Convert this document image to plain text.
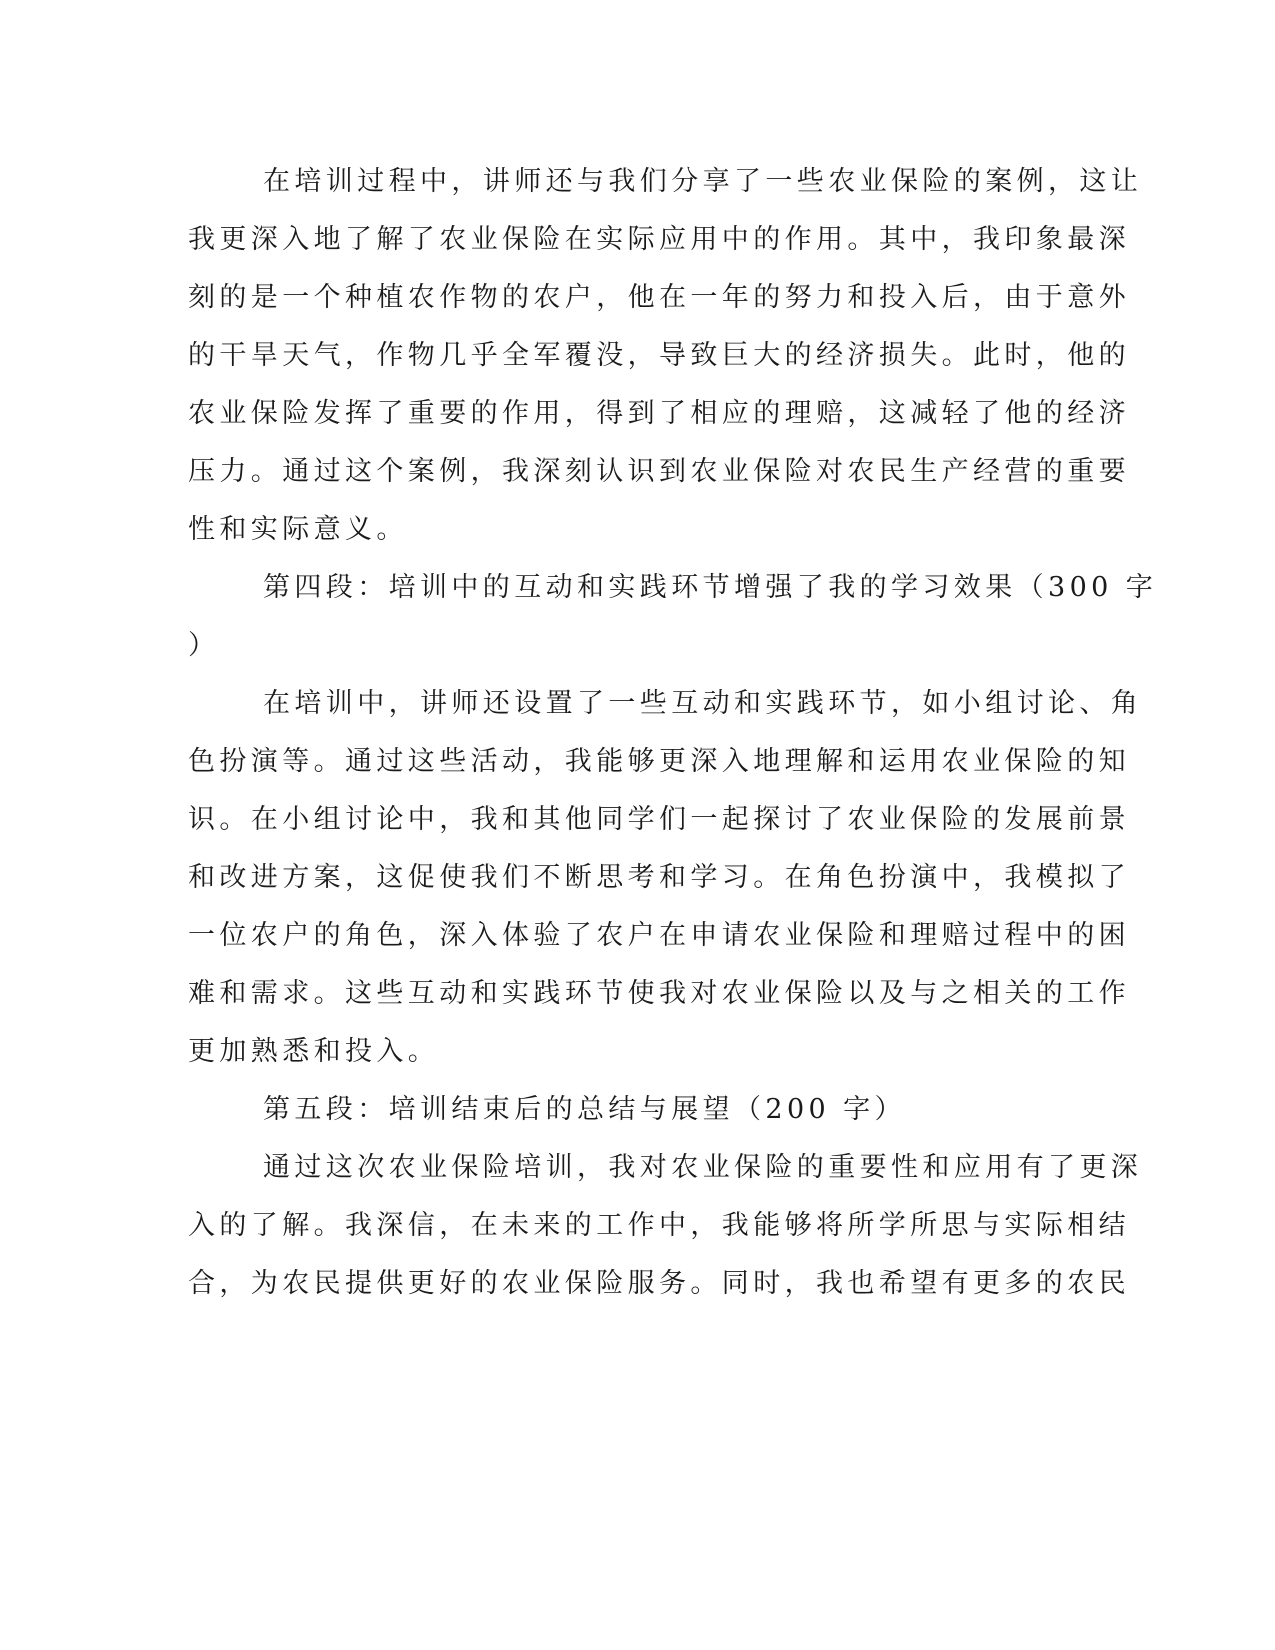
在培训过程中，讲师还与我们分享了一些农业保险的案例，这让
我更深入地了解了农业保险在实际应用中的作用。其中，我印象最深
刻的是一个种植农作物的农户，他在一年的努力和投入后，由于意外
的干旱天气，作物几乎全军覆没，导致巨大的经济损失。此时，他的
农业保险发挥了重要的作用，得到了相应的理赔，这减轻了他的经济
压力。通过这个案例，我深刻认识到农业保险对农民生产经营的重要
性和实际意义。
第四段：培训中的互动和实践环节增强了我的学习效果（300 字
）
在培训中，讲师还设置了一些互动和实践环节，如小组讨论、角
色扮演等。通过这些活动，我能够更深入地理解和运用农业保险的知
识。在小组讨论中，我和其他同学们一起探讨了农业保险的发展前景
和改进方案，这促使我们不断思考和学习。在角色扮演中，我模拟了
一位农户的角色，深入体验了农户在申请农业保险和理赔过程中的困
难和需求。这些互动和实践环节使我对农业保险以及与之相关的工作
更加熟悉和投入。
第五段：培训结束后的总结与展望（200 字）
通过这次农业保险培训，我对农业保险的重要性和应用有了更深
入的了解。我深信，在未来的工作中，我能够将所学所思与实际相结
合，为农民提供更好的农业保险服务。同时，我也希望有更多的农民
